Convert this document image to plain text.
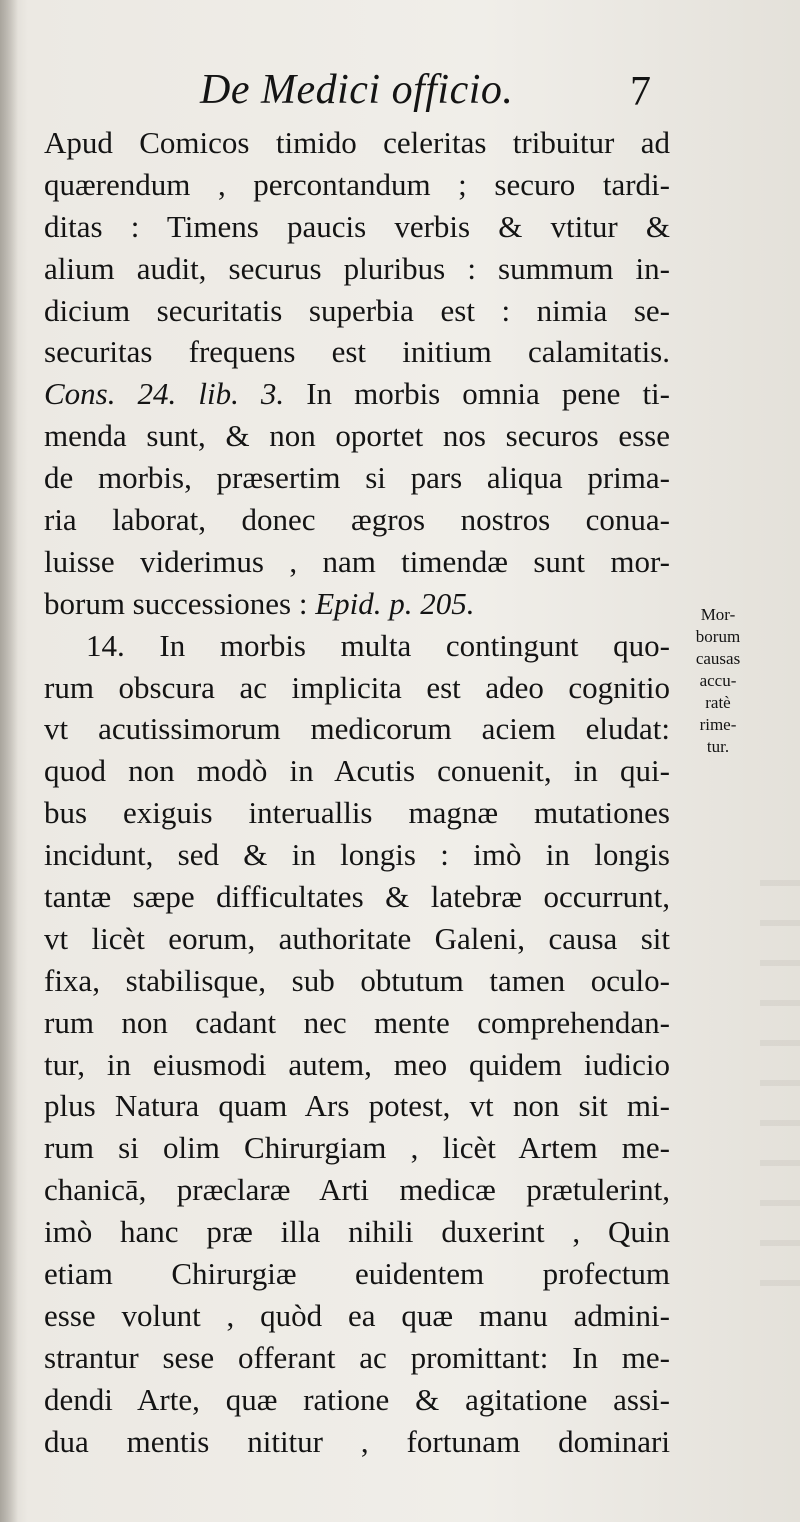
De Medici officio.	7
Apud Comicos timido celeritas tribuitur ad
quærendum , percontandum ; securo tardi-
ditas : Timens paucis verbis & vtitur &
alium audit, securus pluribus : summum in-
dicium securitatis superbia est : nimia se-
securitas frequens est initium calamitatis.
Cons. 24. lib. 3. In morbis omnia pene ti-
menda sunt, & non oportet nos securos esse
de morbis, præsertim si pars aliqua prima-
ria laborat, donec ægros nostros conua-
luisse viderimus , nam timendæ sunt mor-
borum successiones : Epid. p. 205.
14. In morbis multa contingunt quo-
rum obscura ac implicita est adeo cognitio
vt acutissimorum medicorum aciem eludat:
quod non modò in Acutis conuenit, in qui-
bus exiguis interuallis magnæ mutationes
incidunt, sed & in longis : imò in longis
tantæ sæpe difficultates & latebræ occurrunt,
vt licèt eorum, authoritate Galeni, causa sit
fixa, stabilisque, sub obtutum tamen oculo-
rum non cadant nec mente comprehendan-
tur, in eiusmodi autem, meo quidem iudicio
plus Natura quam Ars potest, vt non sit mi-
rum si olim Chirurgiam , licèt Artem me-
chanicā, præclaræ Arti medicæ prætulerint,
imò hanc præ illa nihili duxerint , Quin
etiam Chirurgiæ euidentem profectum
esse volunt , quòd ea quæ manu admini-
strantur sese offerant ac promittant: In me-
dendi Arte, quæ ratione & agitatione assi-
dua mentis nititur , fortunam dominari
Mor-
borum
causas
accu-
ratè
rime-
tur.
